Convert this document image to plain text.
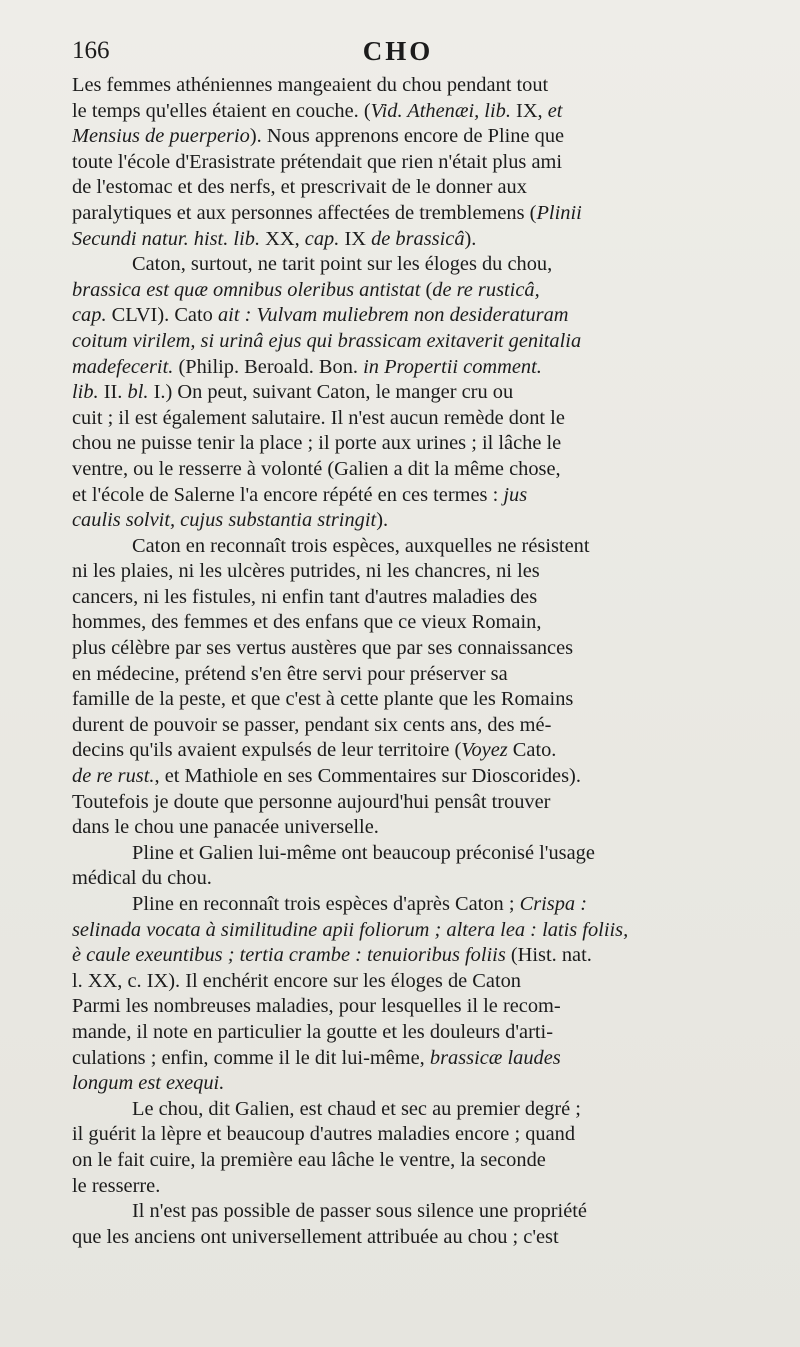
166	CHO

Les femmes athéniennes mangeaient du chou pendant tout
le temps qu'elles étaient en couche. (Vid. Athenæi, lib. IX, et
Mensius de puerperio). Nous apprenons encore de Pline que
toute l'école d'Erasistrate prétendait que rien n'était plus ami
de l'estomac et des nerfs, et prescrivait de le donner aux
paralytiques et aux personnes affectées de tremblemens (Plinii
Secundi natur. hist. lib. XX, cap. IX de brassicâ).

Caton, surtout, ne tarit point sur les éloges du chou,
brassica est quæ omnibus oleribus antistat (de re rusticâ,
cap. CLVI). Cato ait : Vulvam muliebrem non desideraturam
coitum virilem, si urinâ ejus qui brassicam exitaverit genitalia
madefecerit. (Philip. Beroald. Bon. in Propertii comment.
lib. II. bl. I.) On peut, suivant Caton, le manger cru ou
cuit ; il est également salutaire. Il n'est aucun remède dont le
chou ne puisse tenir la place ; il porte aux urines ; il lâche le
ventre, ou le resserre à volonté (Galien a dit la même chose,
et l'école de Salerne l'a encore répété en ces termes : jus
caulis solvit, cujus substantia stringit).

Caton en reconnaît trois espèces, auxquelles ne résistent
ni les plaies, ni les ulcères putrides, ni les chancres, ni les
cancers, ni les fistules, ni enfin tant d'autres maladies des
hommes, des femmes et des enfans que ce vieux Romain,
plus célèbre par ses vertus austères que par ses connaissances
en médecine, prétend s'en être servi pour préserver sa
famille de la peste, et que c'est à cette plante que les Romains
durent de pouvoir se passer, pendant six cents ans, des mé-
decins qu'ils avaient expulsés de leur territoire (Voyez Cato.
de re rust., et Mathiole en ses Commentaires sur Dioscorides).
Toutefois je doute que personne aujourd'hui pensât trouver
dans le chou une panacée universelle.

Pline et Galien lui-même ont beaucoup préconisé l'usage
médical du chou.

Pline en reconnaît trois espèces d'après Caton ; Crispa :
selinada vocata à similitudine apii foliorum ; altera lea : latis foliis,
è caule exeuntibus ; tertia crambe : tenuioribus foliis (Hist. nat.
l. XX, c. IX). Il enchérit encore sur les éloges de Caton
Parmi les nombreuses maladies, pour lesquelles il le recom-
mande, il note en particulier la goutte et les douleurs d'arti-
culations ; enfin, comme il le dit lui-même, brassicæ laudes
longum est exequi.

Le chou, dit Galien, est chaud et sec au premier degré ;
il guérit la lèpre et beaucoup d'autres maladies encore ; quand
on le fait cuire, la première eau lâche le ventre, la seconde
le resserre.

Il n'est pas possible de passer sous silence une propriété
que les anciens ont universellement attribuée au chou ; c'est
